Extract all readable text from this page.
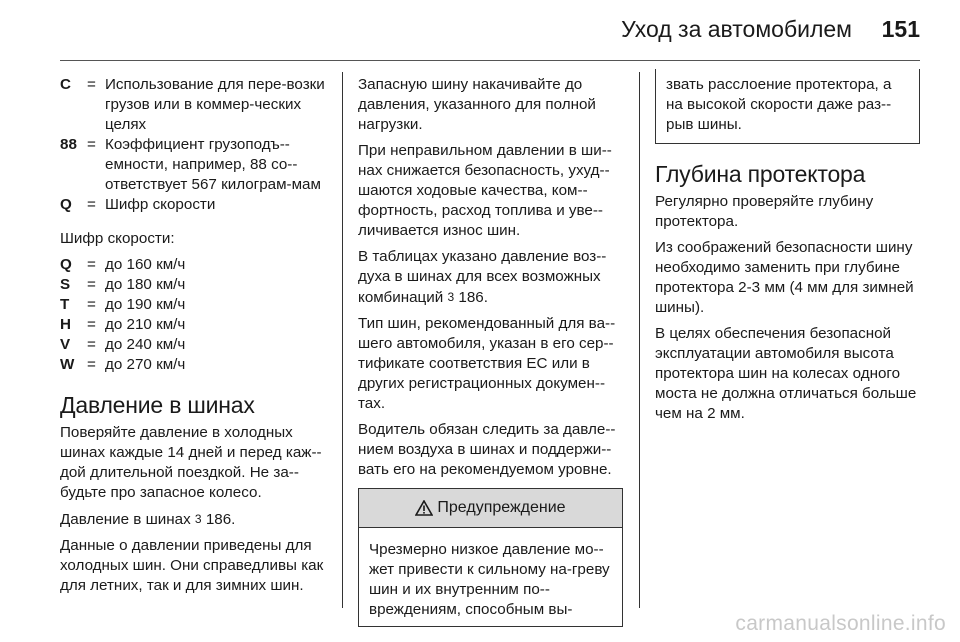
Уход за автомобилем	151
C	= Использование для пере-возки грузов или в коммер-ческих целях
88 = Коэффициент грузоподъ-емности, например, 88 со-ответствует 567 килограм-мам
Q = Шифр скорости

Шифр скорости:

Q = до 160 км/ч
S	= до 180 км/ч
T	= до 190 км/ч
H	= до 210 км/ч
V	= до 240 км/ч
W = до 270 км/ч
Давление в шинах

Поверяйте давление в холодных шинах каждые 14 дней и перед каж-дой длительной поездкой. Не за-будьте про запасное колесо.

Давление в шинах 3 186.

Данные о давлении приведены для холодных шин. Они справедливы как для летних, так и для зимних шин.

Запасную шину накачивайте до давления, указанного для полной нагрузки.

При неправильном давлении в ши-нах снижается безопасность, ухуд-шаются ходовые качества, ком-фортность, расход топлива и уве-личивается износ шин.

В таблицах указано давление воз-духа в шинах для всех возможных комбинаций 3 186.

Тип шин, рекомендованный для ва-шего автомобиля, указан в его сер-тификате соответствия ЕС или в других регистрационных докумен-тах.

Водитель обязан следить за давле-нием воздуха в шинах и поддержи-вать его на рекомендуемом уровне.

Предупреждение
Чрезмерно низкое давление мо-жет привести к сильному на-греву шин и их внутренним по-вреждениям, способным вы-
звать расслоение протектора, а на высокой скорости даже раз-рыв шины.
Глубина протектора

Регулярно проверяйте глубину протектора.

Из соображений безопасности шину необходимо заменить при глубине протектора 2-3 мм (4 мм для зимней шины).

В целях обеспечения безопасной эксплуатации автомобиля высота протектора шин на колесах одного моста не должна отличаться больше чем на 2 мм.

carmanualsonline.info
